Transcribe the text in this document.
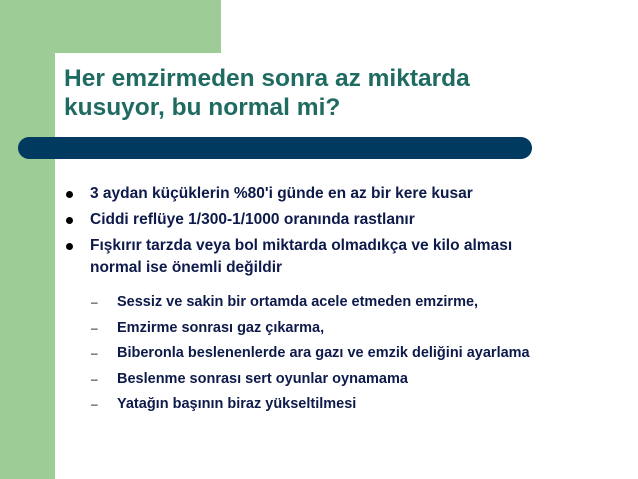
Her emzirmeden sonra az miktarda
kusuyor, bu normal mi?
3 aydan küçüklerin %80'i günde en az bir kere kusar
Ciddi reflüye 1/300-1/1000 oranında rastlanır
Fışkırır tarzda veya bol miktarda olmadıkça ve kilo alması
normal ise önemli değildir
– Sessiz ve sakin bir ortamda acele etmeden emzirme,
– Emzirme sonrası gaz çıkarma,
– Biberonla beslenenlerde ara gazı ve emzik deliğini ayarlama
– Beslenme sonrası sert oyunlar oynamama
– Yatağın başının biraz yükseltilmesi
